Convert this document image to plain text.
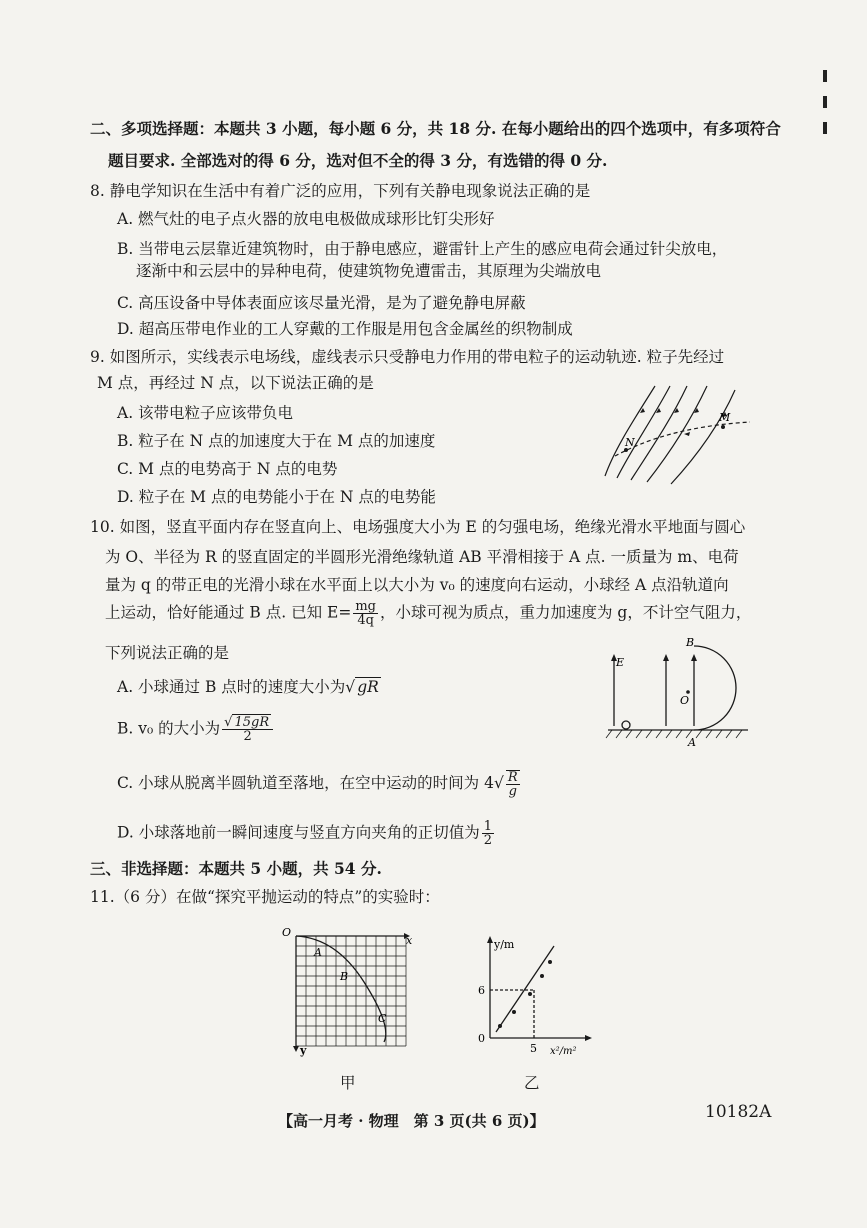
二、多项选择题：本题共 3 小题，每小题 6 分，共 18 分. 在每小题给出的四个选项中，有多项符合
题目要求. 全部选对的得 6 分，选对但不全的得 3 分，有选错的得 0 分.
8. 静电学知识在生活中有着广泛的应用，下列有关静电现象说法正确的是
A. 燃气灶的电子点火器的放电电极做成球形比钉尖形好
B. 当带电云层靠近建筑物时，由于静电感应，避雷针上产生的感应电荷会通过针尖放电，
逐渐中和云层中的异种电荷，使建筑物免遭雷击，其原理为尖端放电
C. 高压设备中导体表面应该尽量光滑，是为了避免静电屏蔽
D. 超高压带电作业的工人穿戴的工作服是用包含金属丝的织物制成
9. 如图所示，实线表示电场线，虚线表示只受静电力作用的带电粒子的运动轨迹. 粒子先经过
M 点，再经过 N 点，以下说法正确的是
A. 该带电粒子应该带负电
B. 粒子在 N 点的加速度大于在 M 点的加速度
C. M 点的电势高于 N 点的电势
D. 粒子在 M 点的电势能小于在 N 点的电势能
N
M
10. 如图，竖直平面内存在竖直向上、电场强度大小为 E 的匀强电场，绝缘光滑水平地面与圆心
为 O、半径为 R 的竖直固定的半圆形光滑绝缘轨道 AB 平滑相接于 A 点. 一质量为 m、电荷
量为 q 的带正电的光滑小球在水平面上以大小为 v₀ 的速度向右运动，小球经 A 点沿轨道向
上运动，恰好能通过 B 点. 已知 $E= \frac{mg}{4q}$ ，小球可视为质点，重力加速度为 g，不计空气阻力，
下列说法正确的是
A. 小球通过 B 点时的速度大小为√ gR
B. v₀ 的大小为 $\frac{√ 15gR}{2}$
C. 小球从脱离半圆轨道至落地，在空中运动的时间为 $4√ \frac{R}{g}$
D. 小球落地前一瞬间速度与竖直方向夹角的正切值为 $\frac{1}{2}$
E
B
O
A
三、非选择题：本题共 5 小题，共 54 分.
11.（6 分）在做“探究平抛运动的特点”的实验时：
O
x
y
A
B
C
甲
y/m
x²/m²
6
5
0
乙
【高一月考 · 物理　第 3 页(共 6 页)】	10182A
